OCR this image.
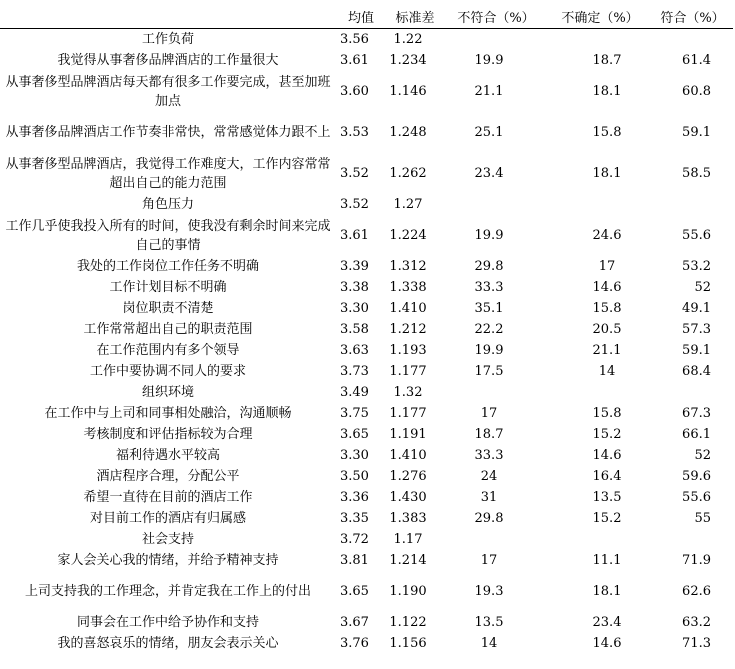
	均值	标准差	不符合（%）	不确定（%）	符合（%）
工作负荷	3.56	1.22			
我觉得从事奢侈品牌酒店的工作量很大	3.61	1.234	19.9	18.7	61.4
从事奢侈型品牌酒店每天都有很多工作要完成，甚至加班加点	3.60	1.146	21.1	18.1	60.8
从事奢侈品牌酒店工作节奏非常快，常常感觉体力跟不上	3.53	1.248	25.1	15.8	59.1
从事奢侈型品牌酒店，我觉得工作难度大，工作内容常常超出自己的能力范围	3.52	1.262	23.4	18.1	58.5
角色压力	3.52	1.27			
工作几乎使我投入所有的时间，使我没有剩余时间来完成自己的事情	3.61	1.224	19.9	24.6	55.6
我处的工作岗位工作任务不明确	3.39	1.312	29.8	17	53.2
工作计划目标不明确	3.38	1.338	33.3	14.6	52
岗位职责不清楚	3.30	1.410	35.1	15.8	49.1
工作常常超出自己的职责范围	3.58	1.212	22.2	20.5	57.3
在工作范围内有多个领导	3.63	1.193	19.9	21.1	59.1
工作中要协调不同人的要求	3.73	1.177	17.5	14	68.4
组织环境	3.49	1.32			
在工作中与上司和同事相处融洽，沟通顺畅	3.75	1.177	17	15.8	67.3
考核制度和评估指标较为合理	3.65	1.191	18.7	15.2	66.1
福利待遇水平较高	3.30	1.410	33.3	14.6	52
酒店程序合理，分配公平	3.50	1.276	24	16.4	59.6
希望一直待在目前的酒店工作	3.36	1.430	31	13.5	55.6
对目前工作的酒店有归属感	3.35	1.383	29.8	15.2	55
社会支持	3.72	1.17			
家人会关心我的情绪，并给予精神支持	3.81	1.214	17	11.1	71.9
上司支持我的工作理念，并肯定我在工作上的付出	3.65	1.190	19.3	18.1	62.6
同事会在工作中给予协作和支持	3.67	1.122	13.5	23.4	63.2
我的喜怒哀乐的情绪，朋友会表示关心	3.76	1.156	14	14.6	71.3
